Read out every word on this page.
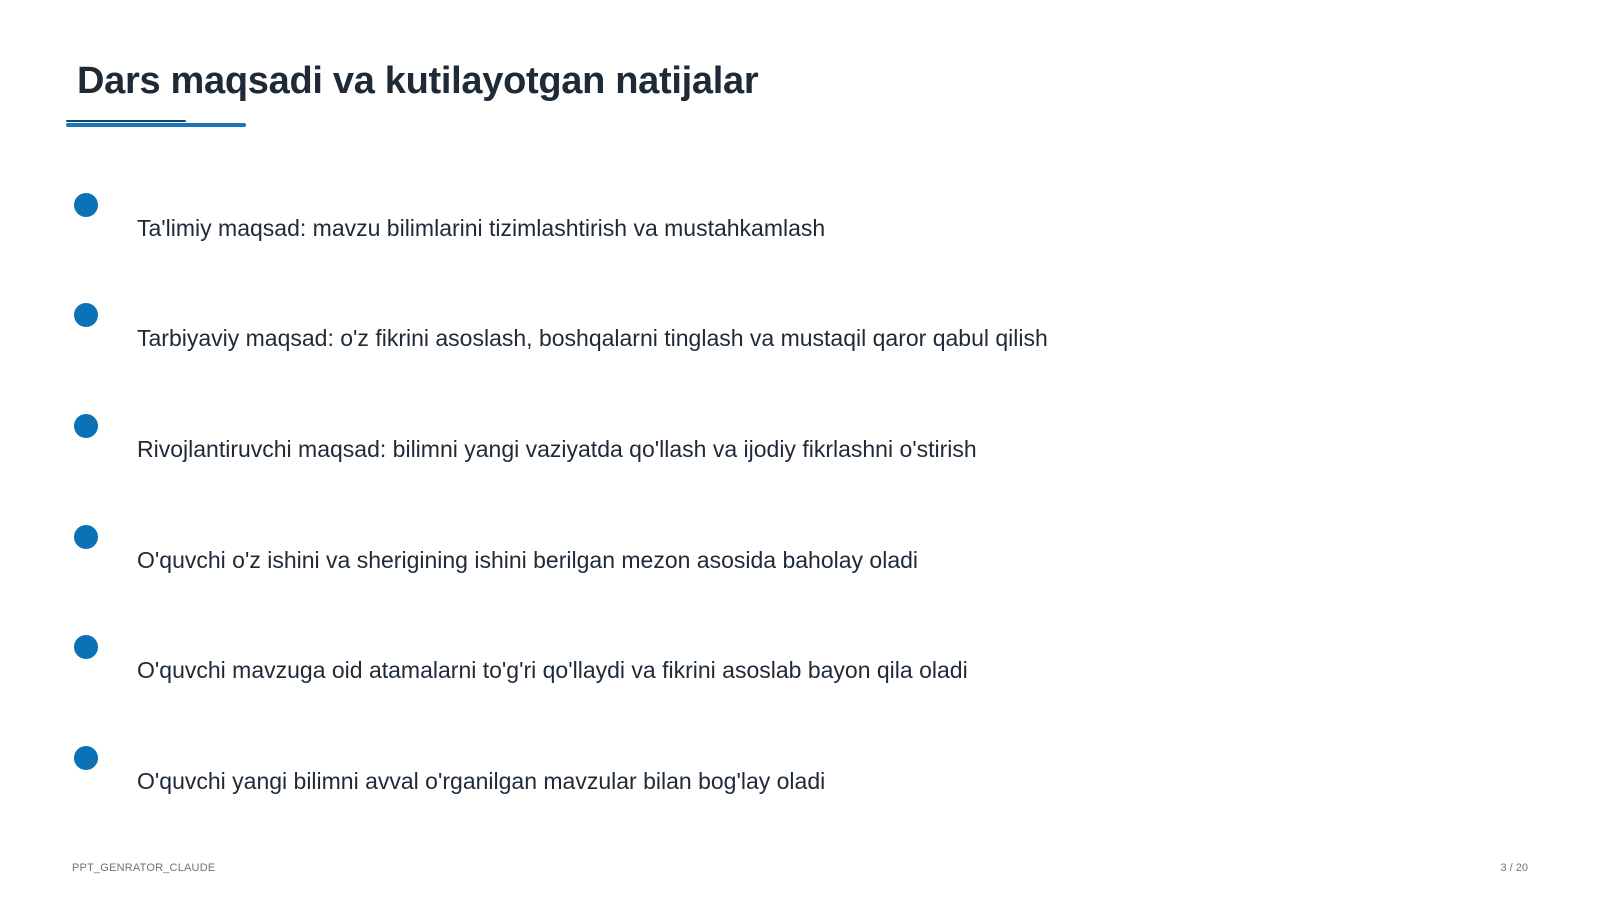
Dars maqsadi va kutilayotgan natijalar
Ta'limiy maqsad: mavzu bilimlarini tizimlashtirish va mustahkamlash
Tarbiyaviy maqsad: o'z fikrini asoslash, boshqalarni tinglash va mustaqil qaror qabul qilish
Rivojlantiruvchi maqsad: bilimni yangi vaziyatda qo'llash va ijodiy fikrlashni o'stirish
O'quvchi o'z ishini va sherigining ishini berilgan mezon asosida baholay oladi
O'quvchi mavzuga oid atamalarni to'g'ri qo'llaydi va fikrini asoslab bayon qila oladi
O'quvchi yangi bilimni avval o'rganilgan mavzular bilan bog'lay oladi
PPT_GENRATOR_CLAUDE	3 / 20
